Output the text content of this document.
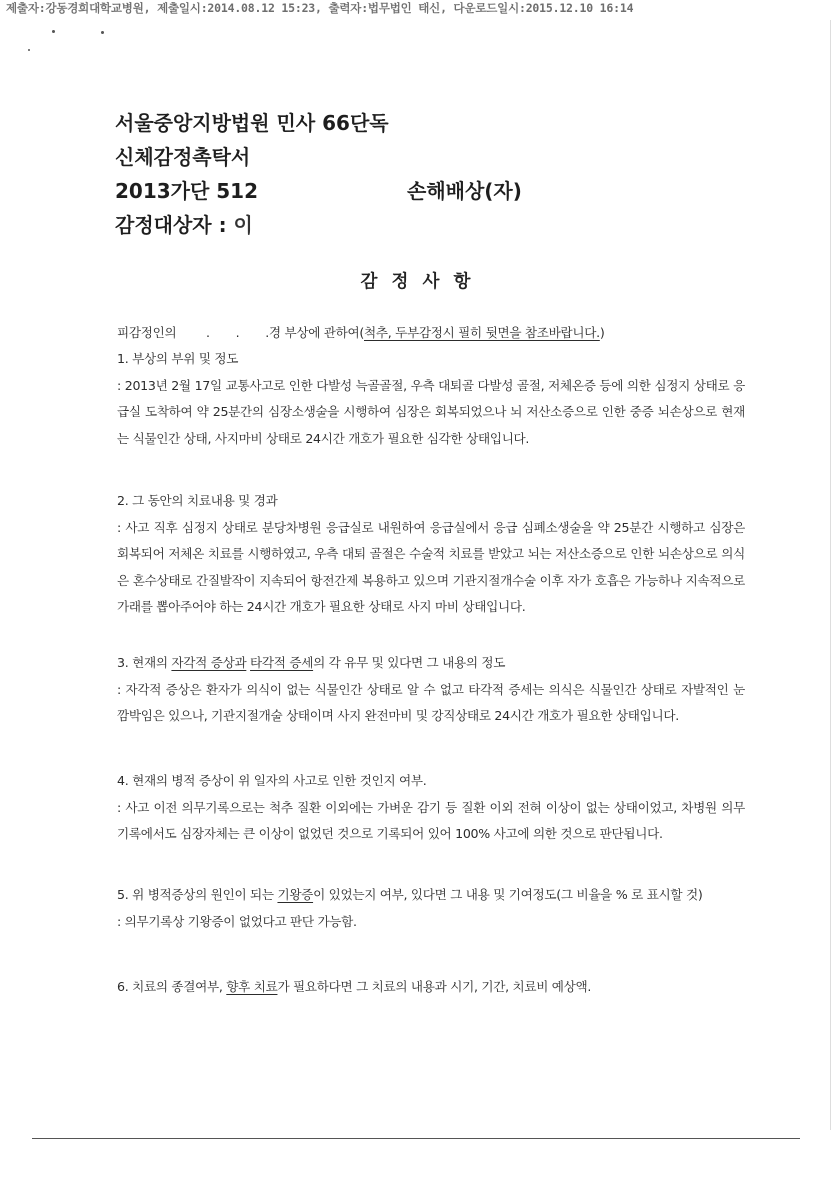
제출자:강동경희대학교병원, 제출일시:2014.08.12 15:23, 출력자:법무법인 태신, 다운로드일시:2015.12.10 16:14
서울중앙지방법원 민사 66단독
신체감정촉탁서
2013가단 512	손해배상(자)
감정대상자 : 이
감 정 사 항
피감정인의        .       .       .경 부상에 관하여(척추, 두부감정시 필히 뒷면을 참조바랍니다.)
1. 부상의 부위 및 정도
: 2013년 2월 17일 교통사고로 인한 다발성 늑골골절, 우측 대퇴골 다발성 골절, 저체온증 등에 의한 심정지 상태로 응급실 도착하여 약 25분간의 심장소생술을 시행하여 심장은 회복되었으나 뇌 저산소증으로 인한 중증 뇌손상으로 현재는 식물인간 상태, 사지마비 상태로 24시간 개호가 필요한 심각한 상태입니다.
2. 그 동안의 치료내용 및 경과
: 사고 직후 심정지 상태로 분당차병원 응급실로 내원하여 응급실에서 응급 심폐소생술을 약 25분간 시행하고 심장은 회복되어 저체온 치료를 시행하였고, 우측 대퇴 골절은 수술적 치료를 받았고 뇌는 저산소증으로 인한 뇌손상으로 의식은 혼수상태로 간질발작이 지속되어 항전간제 복용하고 있으며 기관지절개수술 이후 자가 호흡은 가능하나 지속적으로 가래를 뽑아주어야 하는 24시간 개호가 필요한 상태로 사지 마비 상태입니다.
3. 현재의 자각적 증상과 타각적 증세의 각 유무 및 있다면 그 내용의 정도
: 자각적 증상은 환자가 의식이 없는 식물인간 상태로 알 수 없고 타각적 증세는 의식은 식물인간 상태로 자발적인 눈 깜박임은 있으나, 기관지절개술 상태이며 사지 완전마비 및 강직상태로 24시간 개호가 필요한 상태입니다.
4. 현재의 병적 증상이 위 일자의 사고로 인한 것인지 여부.
: 사고 이전 의무기록으로는 척추 질환 이외에는 가벼운 감기 등 질환 이외 전혀 이상이 없는 상태이었고, 차병원 의무기록에서도 심장자체는 큰 이상이 없었던 것으로 기록되어 있어 100% 사고에 의한 것으로 판단됩니다.
5. 위 병적증상의 원인이 되는 기왕증이 있었는지 여부, 있다면 그 내용 및 기여정도(그 비율을 % 로 표시할 것)
: 의무기록상 기왕증이 없었다고 판단 가능함.
6. 치료의 종결여부, 향후 치료가 필요하다면 그 치료의 내용과 시기, 기간, 치료비 예상액.
